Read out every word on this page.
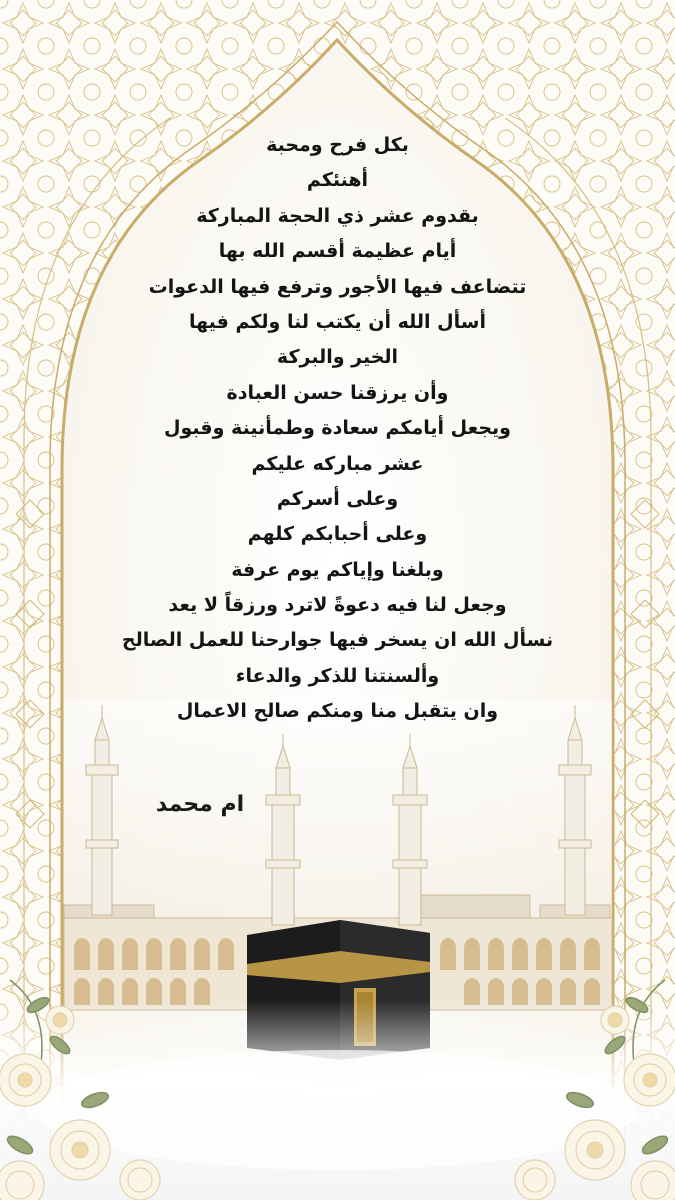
بكل فرح ومحبة
أهنئكم
بقدوم عشر ذي الحجة المباركة
أيام عظيمة أقسم الله بها
تتضاعف فيها الأجور وترفع فيها الدعوات
أسأل الله أن يكتب لنا ولكم فيها
الخير والبركة
وأن يرزقنا حسن العبادة
ويجعل أيامكم سعادة وطمأنينة وقبول
عشر مباركه عليكم
وعلى أسركم
وعلى أحبابكم كلهم
وبلغنا وإياكم يوم عرفة
وجعل لنا فيه دعوةً لاترد ورزقاً لا يعد
نسأل الله ان يسخر فيها جوارحنا للعمل الصالح
وألسنتنا للذكر والدعاء
وان يتقبل منا ومنكم صالح الاعمال
ام محمد
